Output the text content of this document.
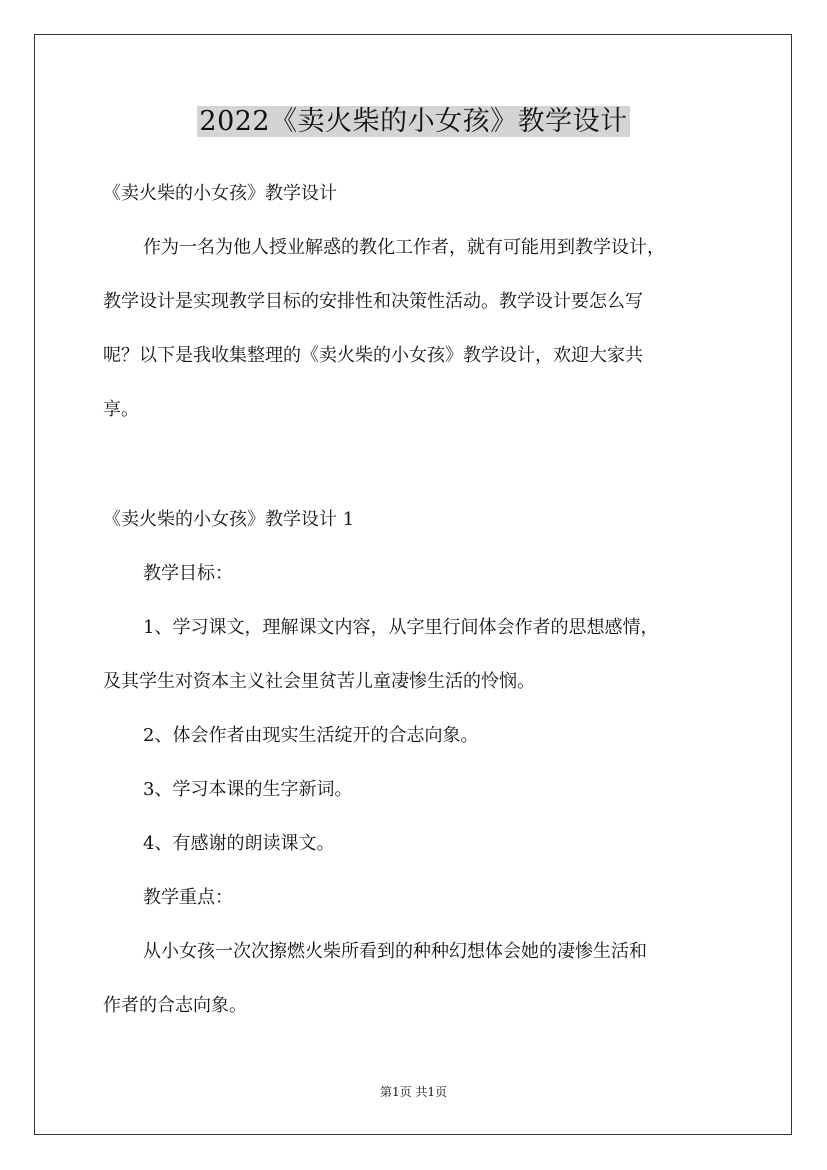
2022《卖火柴的小女孩》教学设计
《卖火柴的小女孩》教学设计
作为一名为他人授业解惑的教化工作者，就有可能用到教学设计，
教学设计是实现教学目标的安排性和决策性活动。教学设计要怎么写
呢？以下是我收集整理的《卖火柴的小女孩》教学设计，欢迎大家共
享。
《卖火柴的小女孩》教学设计 1
教学目标：
1、学习课文，理解课文内容，从字里行间体会作者的思想感情，
及其学生对资本主义社会里贫苦儿童凄惨生活的怜悯。
2、体会作者由现实生活绽开的合志向象。
3、学习本课的生字新词。
4、有感谢的朗读课文。
教学重点：
从小女孩一次次擦燃火柴所看到的种种幻想体会她的凄惨生活和
作者的合志向象。
第1页 共1页
